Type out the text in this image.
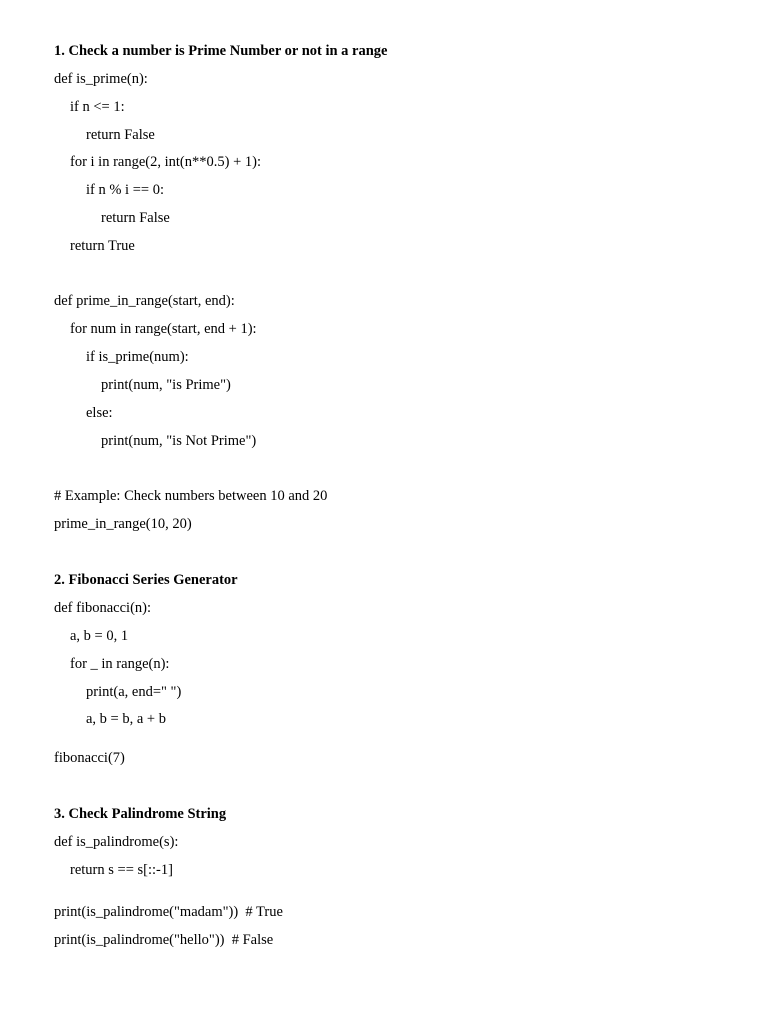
1. Check a number is Prime Number or not in a range
def is_prime(n):
if n <= 1:
return False
for i in range(2, int(n**0.5) + 1):
if n % i == 0:
return False
return True
def prime_in_range(start, end):
for num in range(start, end + 1):
if is_prime(num):
print(num, "is Prime")
else:
print(num, "is Not Prime")
# Example: Check numbers between 10 and 20
prime_in_range(10, 20)
2. Fibonacci Series Generator
def fibonacci(n):
a, b = 0, 1
for _ in range(n):
print(a, end=" ")
a, b = b, a + b
fibonacci(7)
3. Check Palindrome String
def is_palindrome(s):
return s == s[::-1]
print(is_palindrome("madam"))  # True
print(is_palindrome("hello"))  # False
